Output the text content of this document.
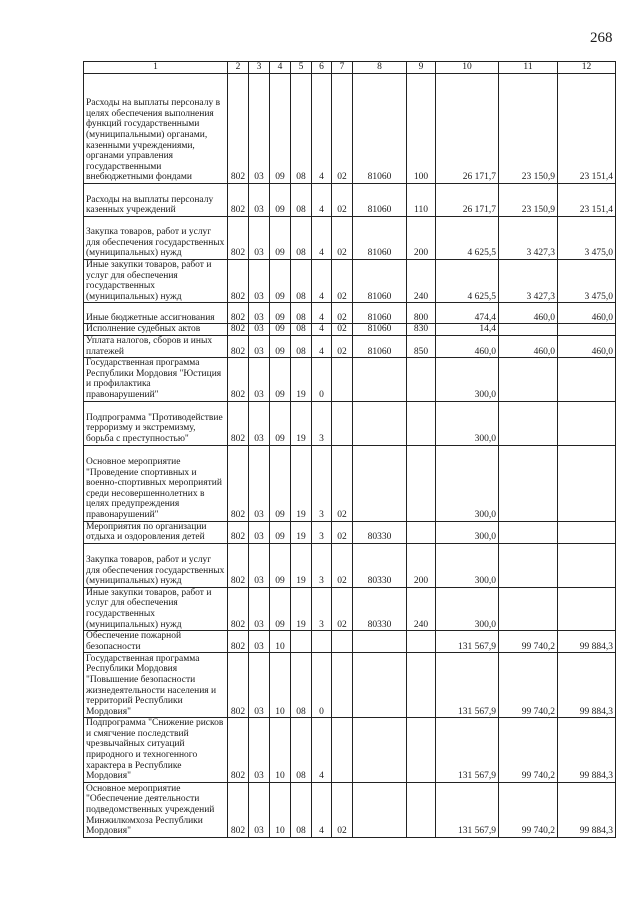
268
1	2	3	4	5	6	7	8	9	10	11	12
Расходы на выплаты персоналу в целях обеспечения выполнения функций государственными (муниципальными) органами, казенными учреждениями, органами управления государственными внебюджетными фондами	802	03	09	08	4	02	81060	100	26 171,7	23 150,9	23 151,4
Расходы на выплаты персоналу казенных учреждений	802	03	09	08	4	02	81060	110	26 171,7	23 150,9	23 151,4
Закупка товаров, работ и услуг для обеспечения государственных (муниципальных) нужд	802	03	09	08	4	02	81060	200	4 625,5	3 427,3	3 475,0
Иные закупки товаров, работ и услуг для обеспечения государственных (муниципальных) нужд	802	03	09	08	4	02	81060	240	4 625,5	3 427,3	3 475,0
Иные бюджетные ассигнования	802	03	09	08	4	02	81060	800	474,4	460,0	460,0
Исполнение судебных актов	802	03	09	08	4	02	81060	830	14,4		
Уплата налогов, сборов и иных платежей	802	03	09	08	4	02	81060	850	460,0	460,0	460,0
Государственная программа Республики Мордовия "Юстиция и профилактика правонарушений"	802	03	09	19	0				300,0		
Подпрограмма "Противодействие терроризму и экстремизму, борьба с преступностью"	802	03	09	19	3				300,0		
Основное мероприятие "Проведение спортивных и военно-спортивных мероприятий среди несовершеннолетних в целях предупреждения правонарушений"	802	03	09	19	3	02			300,0		
Мероприятия по организации отдыха и оздоровления детей	802	03	09	19	3	02	80330		300,0		
Закупка товаров, работ и услуг для обеспечения государственных (муниципальных) нужд	802	03	09	19	3	02	80330	200	300,0		
Иные закупки товаров, работ и услуг для обеспечения государственных (муниципальных) нужд	802	03	09	19	3	02	80330	240	300,0		
Обеспечение пожарной безопасности	802	03	10						131 567,9	99 740,2	99 884,3
Государственная программа Республики Мордовия "Повышение безопасности жизнедеятельности населения и территорий Республики Мордовия"	802	03	10	08	0				131 567,9	99 740,2	99 884,3
Подпрограмма "Снижение рисков и смягчение последствий чрезвычайных ситуаций природного и техногенного характера в Республике Мордовия"	802	03	10	08	4				131 567,9	99 740,2	99 884,3
Основное мероприятие "Обеспечение деятельности подведомственных учреждений Минжилкомхоза Республики Мордовия"	802	03	10	08	4	02			131 567,9	99 740,2	99 884,3
